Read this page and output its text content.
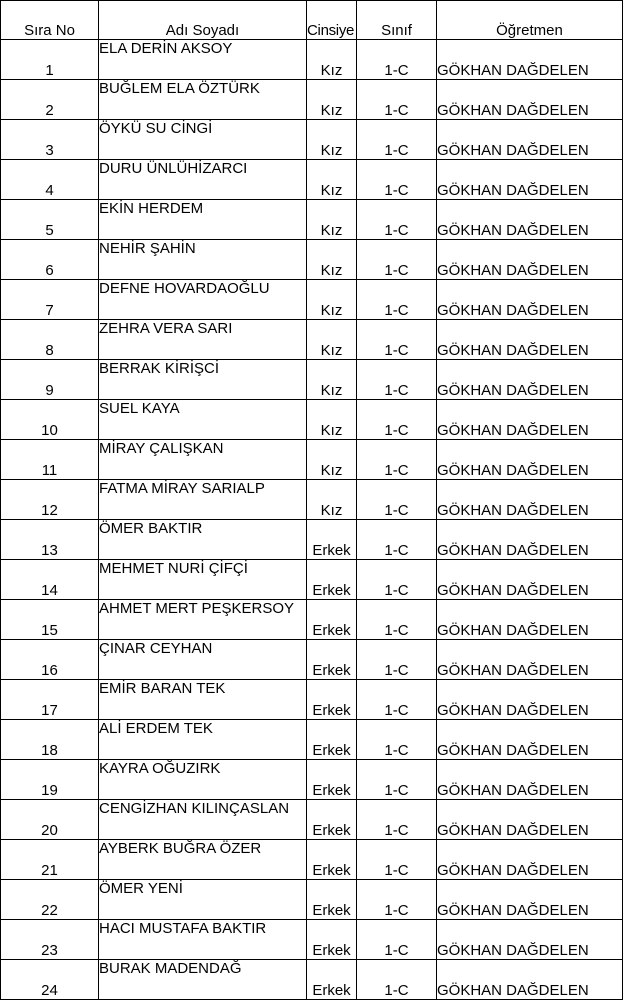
Sıra No	Adı Soyadı	Cinsiye	Sınıf	Öğretmen
1	ELA DERİN AKSOY	Kız	1-C	GÖKHAN DAĞDELEN
2	BUĞLEM ELA ÖZTÜRK	Kız	1-C	GÖKHAN DAĞDELEN
3	ÖYKÜ SU CİNGİ	Kız	1-C	GÖKHAN DAĞDELEN
4	DURU ÜNLÜHİZARCI	Kız	1-C	GÖKHAN DAĞDELEN
5	EKİN HERDEM	Kız	1-C	GÖKHAN DAĞDELEN
6	NEHİR ŞAHİN	Kız	1-C	GÖKHAN DAĞDELEN
7	DEFNE HOVARDAOĞLU	Kız	1-C	GÖKHAN DAĞDELEN
8	ZEHRA VERA SARI	Kız	1-C	GÖKHAN DAĞDELEN
9	BERRAK KİRİŞCİ	Kız	1-C	GÖKHAN DAĞDELEN
10	SUEL KAYA	Kız	1-C	GÖKHAN DAĞDELEN
11	MİRAY ÇALIŞKAN	Kız	1-C	GÖKHAN DAĞDELEN
12	FATMA MİRAY SARIALP	Kız	1-C	GÖKHAN DAĞDELEN
13	ÖMER BAKTIR	Erkek	1-C	GÖKHAN DAĞDELEN
14	MEHMET NURİ ÇİFÇİ	Erkek	1-C	GÖKHAN DAĞDELEN
15	AHMET MERT PEŞKERSOY	Erkek	1-C	GÖKHAN DAĞDELEN
16	ÇINAR CEYHAN	Erkek	1-C	GÖKHAN DAĞDELEN
17	EMİR BARAN TEK	Erkek	1-C	GÖKHAN DAĞDELEN
18	ALİ ERDEM TEK	Erkek	1-C	GÖKHAN DAĞDELEN
19	KAYRA OĞUZIRK	Erkek	1-C	GÖKHAN DAĞDELEN
20	CENGİZHAN KILINÇASLAN	Erkek	1-C	GÖKHAN DAĞDELEN
21	AYBERK BUĞRA ÖZER	Erkek	1-C	GÖKHAN DAĞDELEN
22	ÖMER YENİ	Erkek	1-C	GÖKHAN DAĞDELEN
23	HACI MUSTAFA BAKTIR	Erkek	1-C	GÖKHAN DAĞDELEN
24	BURAK MADENDAĞ	Erkek	1-C	GÖKHAN DAĞDELEN
